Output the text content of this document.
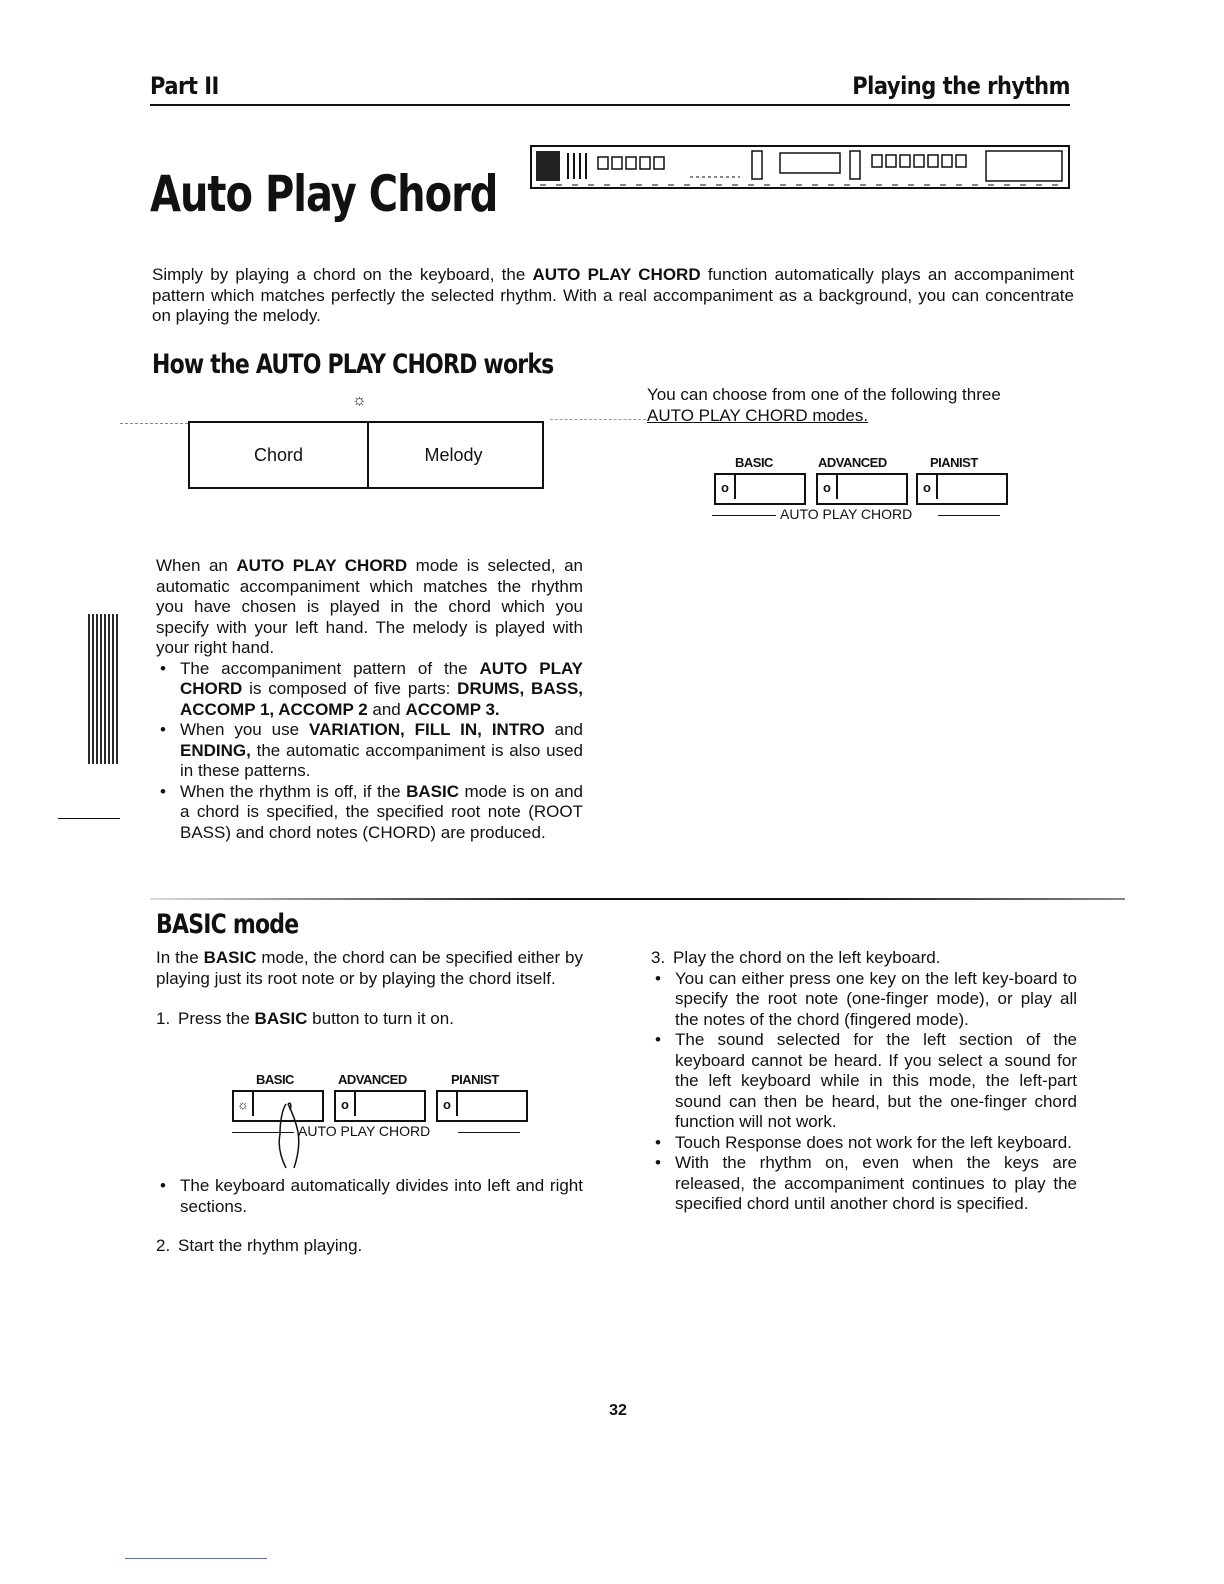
Part II	Playing the rhythm
Auto Play Chord
Simply by playing a chord on the keyboard, the AUTO PLAY CHORD function automatically plays an accompaniment pattern which matches perfectly the selected rhythm. With a real accompaniment as a background, you can concentrate on playing the melody.
How the AUTO PLAY CHORD works
☼
Chord	Melody
You can choose from one of the following three
AUTO PLAY CHORD modes.
BASIC	ADVANCED	PIANIST
o	o	o
AUTO PLAY CHORD

When an AUTO PLAY CHORD mode is selected, an automatic accompaniment which matches the rhythm you have chosen is played in the chord which you specify with your left hand. The melody is played with your right hand.

• The accompaniment pattern of the AUTO PLAY CHORD is composed of five parts: DRUMS, BASS, ACCOMP 1, ACCOMP 2 and ACCOMP 3.

• When you use VARIATION, FILL IN, INTRO and ENDING, the automatic accompaniment is also used in these patterns.

• When the rhythm is off, if the BASIC mode is on and a chord is specified, the specified root note (ROOT BASS) and chord notes (CHORD) are produced.

BASIC mode

In the BASIC mode, the chord can be specified either by playing just its root note or by playing the chord itself.

1. Press the BASIC button to turn it on.

BASIC	ADVANCED	PIANIST
☼	o	o
AUTO PLAY CHORD

• The keyboard automatically divides into left and right sections.

2. Start the rhythm playing.

3. Play the chord on the left keyboard.

• You can either press one key on the left key-board to specify the root note (one-finger mode), or play all the notes of the chord (fingered mode).

• The sound selected for the left section of the keyboard cannot be heard. If you select a sound for the left keyboard while in this mode, the left-part sound can then be heard, but the one-finger chord function will not work.

• Touch Response does not work for the left keyboard.

• With the rhythm on, even when the keys are released, the accompaniment continues to play the specified chord until another chord is specified.

32
